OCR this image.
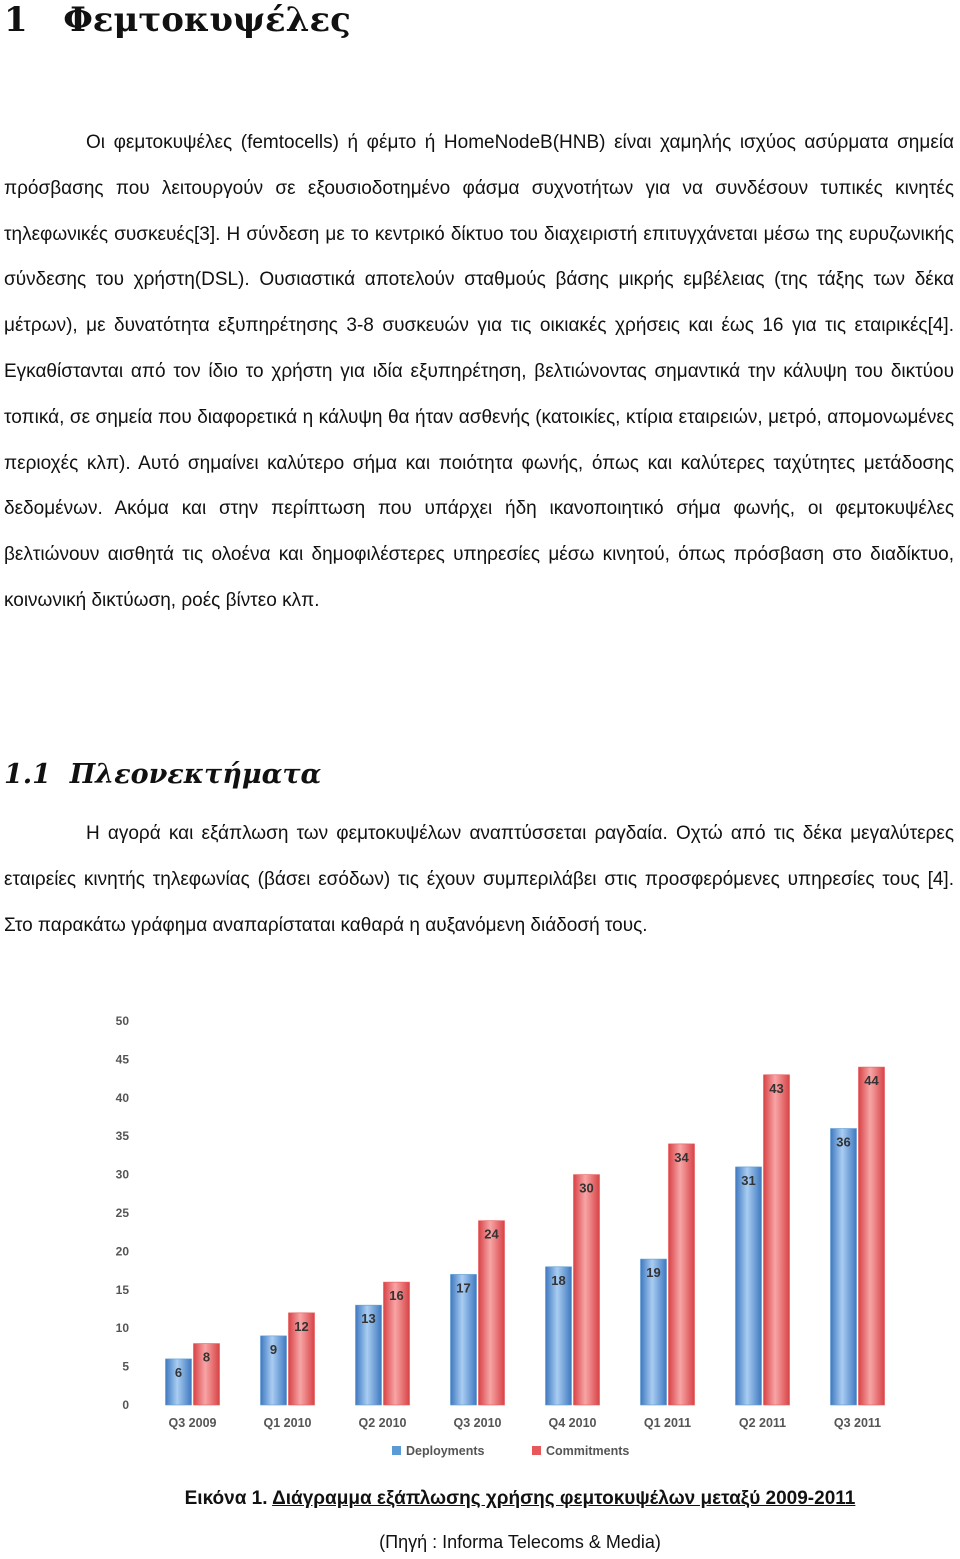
1 Φεμτοκυψέλες

Οι φεμτοκυψέλες (femtocells) ή φέμτο ή HomeNodeB(HNB) είναι χαμηλής ισχύος ασύρματα σημεία πρόσβασης που λειτουργούν σε εξουσιοδοτημένο φάσμα συχνοτήτων για να συνδέσουν τυπικές κινητές τηλεφωνικές συσκευές[3]. Η σύνδεση με το κεντρικό δίκτυο του διαχειριστή επιτυγχάνεται μέσω της ευρυζωνικής σύνδεσης του χρήστη(DSL). Ουσιαστικά αποτελούν σταθμούς βάσης μικρής εμβέλειας (της τάξης των δέκα μέτρων), με δυνατότητα εξυπηρέτησης 3-8 συσκευών για τις οικιακές χρήσεις και έως 16 για τις εταιρικές[4]. Εγκαθίστανται από τον ίδιο το χρήστη για ιδία εξυπηρέτηση, βελτιώνοντας σημαντικά την κάλυψη του δικτύου τοπικά, σε σημεία που διαφορετικά η κάλυψη θα ήταν ασθενής (κατοικίες, κτίρια εταιρειών, μετρό, απομονωμένες περιοχές κλπ). Αυτό σημαίνει καλύτερο σήμα και ποιότητα φωνής, όπως και καλύτερες ταχύτητες μετάδοσης δεδομένων. Ακόμα και στην περίπτωση που υπάρχει ήδη ικανοποιητικό σήμα φωνής, οι φεμτοκυψέλες βελτιώνουν αισθητά τις ολοένα και δημοφιλέστερες υπηρεσίες μέσω κινητού, όπως πρόσβαση στο διαδίκτυο, κοινωνική δικτύωση, ροές βίντεο κλπ.

1.1 Πλεονεκτήματα

Η αγορά και εξάπλωση των φεμτοκυψέλων αναπτύσσεται ραγδαία. Οχτώ από τις δέκα μεγαλύτερες εταιρείες κινητής τηλεφωνίας (βάσει εσόδων) τις έχουν συμπεριλάβει στις προσφερόμενες υπηρεσίες τους [4]. Στο παρακάτω γράφημα αναπαρίσταται καθαρά η αυξανόμενη διάδοσή τους.

0
5
10
15
20
25
30
35
40
45
50
6
8
9
12
13
16
17
24
18
30
19
34
31
43
36
44
Q3 2009	Q1 2010	Q2 2010	Q3 2010	Q4 2010	Q1 2011	Q2 2011	Q3 2011
Deployments	Commitments

Εικόνα 1. Διάγραμμα εξάπλωσης χρήσης φεμτοκυψέλων μεταξύ 2009-2011

(Πηγή : Informa Telecoms & Media)
